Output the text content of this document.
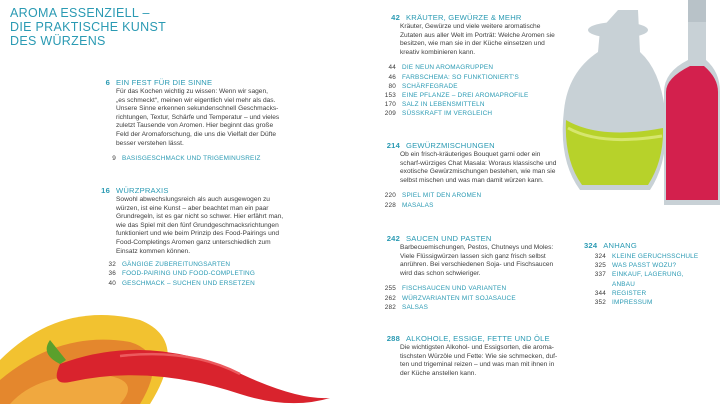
AROMA ESSENZIELL –
DIE PRAKTISCHE KUNST
DES WÜRZENS
6 EIN FEST FÜR DIE SINNE
Für das Kochen wichtig zu wissen: Wenn wir sagen,
„es schmeckt“, meinen wir eigentlich viel mehr als das.
Unsere Sinne erkennen sekundenschnell Geschmacks-
richtungen, Textur, Schärfe und Temperatur – und vieles
zuletzt Tausende von Aromen. Hier beginnt das große
Feld der Aromaforschung, die uns die Vielfalt der Düfte
besser verstehen lässt.
9 BASISGESCHMACK UND TRIGEMINUSREIZ
16 WÜRZPRAXIS
Sowohl abwechslungsreich als auch ausgewogen zu
würzen, ist eine Kunst – aber beachtet man ein paar
Grundregeln, ist es gar nicht so schwer. Hier erfährt man,
wie das Spiel mit den fünf Grundgeschmacksrichtungen
funktioniert und wie beim Prinzip des Food-Pairings und
Food-Completings Aromen ganz unterschiedlich zum
Einsatz kommen können.
32 GÄNGIGE ZUBEREITUNGSARTEN
36 FOOD-PAIRING UND FOOD-COMPLETING
40 GESCHMACK – SUCHEN UND ERSETZEN
42 KRÄUTER, GEWÜRZE & MEHR
Kräuter, Gewürze und viele weitere aromatische
Zutaten aus aller Welt im Porträt: Welche Aromen sie
besitzen, wie man sie in der Küche einsetzen und
kreativ kombinieren kann.
44 DIE NEUN AROMAGRUPPEN
46 FARBSCHEMA: SO FUNKTIONIERT'S
80 SCHÄRFEGRADE
153 EINE PFLANZE – DREI AROMAPROFILE
170 SALZ IN LEBENSMITTELN
209 SÜSSKRAFT IM VERGLEICH
214 GEWÜRZMISCHUNGEN
Ob ein frisch-kräuteriges Bouquet garni oder ein
scharf-würziges Chat Masala: Woraus klassische und
exotische Gewürzmischungen bestehen, wie man sie
selbst mischen und was man damit würzen kann.
220 SPIEL MIT DEN AROMEN
228 MASALAS
242 SAUCEN UND PASTEN
Barbecuemischungen, Pestos, Chutneys und Moles:
Viele Flüssigwürzen lassen sich ganz frisch selbst
anrühren. Bei verschiedenen Soja- und Fischsaucen
wird das schon schwieriger.
255 FISCHSAUCEN UND VARIANTEN
262 WÜRZVARIANTEN MIT SOJASAUCE
282 SALSAS
288 ALKOHOLE, ESSIGE, FETTE UND ÖLE
Die wichtigsten Alkohol- und Essigsorten, die aroma-
tischsten Würzöle und Fette: Wie sie schmecken, duf-
ten und trigeminal reizen – und was man mit ihnen in
der Küche anstellen kann.
324 ANHANG
324 KLEINE GERUCHSSCHULE
325 WAS PASST WOZU?
337 EINKAUF, LAGERUNG,
ANBAU
344 REGISTER
352 IMPRESSUM
